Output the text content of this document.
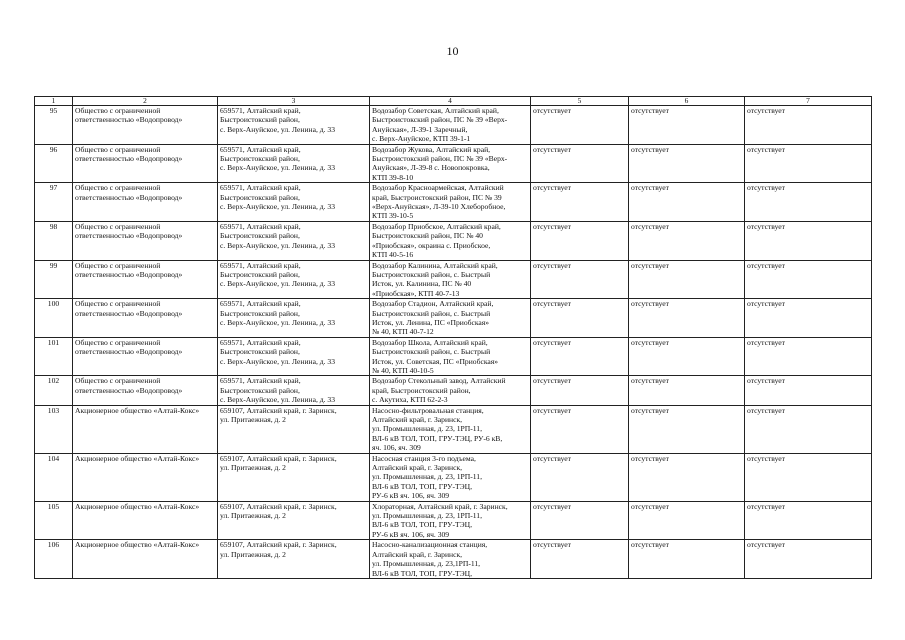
10
1	2	3	4	5	6	7
95	Общество с ограниченной
ответственностью «Водопровод»	659571, Алтайский край,
Быстроистокский район,
с. Верх-Ануйское, ул. Ленина, д. 33	Водозабор Советская, Алтайский край,
Быстроистокский район, ПС № 39 «Верх-
Ануйская», Л-39-1 Заречный,
с. Верх-Ануйское, КТП 39-1-1	отсутствует	отсутствует	отсутствует
96	Общество с ограниченной
ответственностью «Водопровод»	659571, Алтайский край,
Быстроистокский район,
с. Верх-Ануйское, ул. Ленина, д. 33	Водозабор Жукова, Алтайский край,
Быстроистокский район, ПС № 39 «Верх-
Ануйская», Л-39-8 с. Новопокровка,
КТП 39-8-10	отсутствует	отсутствует	отсутствует
97	Общество с ограниченной
ответственностью «Водопровод»	659571, Алтайский край,
Быстроистокский район,
с. Верх-Ануйское, ул. Ленина, д. 33	Водозабор Красноармейская, Алтайский
край, Быстроистокский район, ПС № 39
«Верх-Ануйская», Л-39-10 Хлеборобное,
КТП 39-10-5	отсутствует	отсутствует	отсутствует
98	Общество с ограниченной
ответственностью «Водопровод»	659571, Алтайский край,
Быстроистокский район,
с. Верх-Ануйское, ул. Ленина, д. 33	Водозабор Приобское, Алтайский край,
Быстроистокский район, ПС № 40
«Приобская», окраина с. Приобское,
КТП 40-5-16	отсутствует	отсутствует	отсутствует
99	Общество с ограниченной
ответственностью «Водопровод»	659571, Алтайский край,
Быстроистокский район,
с. Верх-Ануйское, ул. Ленина, д. 33	Водозабор Калинина, Алтайский край,
Быстроистокский район, с. Быстрый
Исток, ул. Калинина, ПС № 40
«Приобская», КТП 40-7-13	отсутствует	отсутствует	отсутствует
100	Общество с ограниченной
ответственностью «Водопровод»	659571, Алтайский край,
Быстроистокский район,
с. Верх-Ануйское, ул. Ленина, д. 33	Водозабор Стадион, Алтайский край,
Быстроистокский район, с. Быстрый
Исток, ул. Ленина, ПС «Приобская»
№ 40, КТП 40-7-12	отсутствует	отсутствует	отсутствует
101	Общество с ограниченной
ответственностью «Водопровод»	659571, Алтайский край,
Быстроистокский район,
с. Верх-Ануйское, ул. Ленина, д. 33	Водозабор Школа, Алтайский край,
Быстроистокский район, с. Быстрый
Исток, ул. Советская, ПС «Приобская»
№ 40, КТП 40-10-5	отсутствует	отсутствует	отсутствует
102	Общество с ограниченной
ответственностью «Водопровод»	659571, Алтайский край,
Быстроистокский район,
с. Верх-Ануйское, ул. Ленина, д. 33	Водозабор Стекольный завод, Алтайский
край, Быстроистокский район,
с. Акутиха, КТП 62-2-3	отсутствует	отсутствует	отсутствует
103	Акционерное общество «Алтай-Кокс»	659107, Алтайский край, г. Заринск,
ул. Притаежная, д. 2	Насосно-фильтровальная станция,
Алтайский край, г. Заринск,
ул. Промышленная, д. 23, 1РП-11,
ВЛ-6 кВ ТОЛ, ТОП, ГРУ-ТЭЦ, РУ-6 кВ,
яч. 106, яч. 309	отсутствует	отсутствует	отсутствует
104	Акционерное общество «Алтай-Кокс»	659107, Алтайский край, г. Заринск,
ул. Притаежная, д. 2	Насосная станция 3-го подъема,
Алтайский край, г. Заринск,
ул. Промышленная, д. 23, 1РП-11,
ВЛ-6 кВ ТОЛ, ТОП, ГРУ-ТЭЦ,
РУ-6 кВ яч. 106, яч. 309	отсутствует	отсутствует	отсутствует
105	Акционерное общество «Алтай-Кокс»	659107, Алтайский край, г. Заринск,
ул. Притаежная, д. 2	Хлораторная, Алтайский край, г. Заринск,
ул. Промышленная, д. 23, 1РП-11,
ВЛ-6 кВ ТОЛ, ТОП, ГРУ-ТЭЦ,
РУ-6 кВ яч. 106, яч. 309	отсутствует	отсутствует	отсутствует
106	Акционерное общество «Алтай-Кокс»	659107, Алтайский край, г. Заринск,
ул. Притаежная, д. 2	Насосно-канализационная станция,
Алтайский край, г. Заринск,
ул. Промышленная, д. 23,1РП-11,
ВЛ-6 кВ ТОЛ, ТОП, ГРУ-ТЭЦ,	отсутствует	отсутствует	отсутствует
